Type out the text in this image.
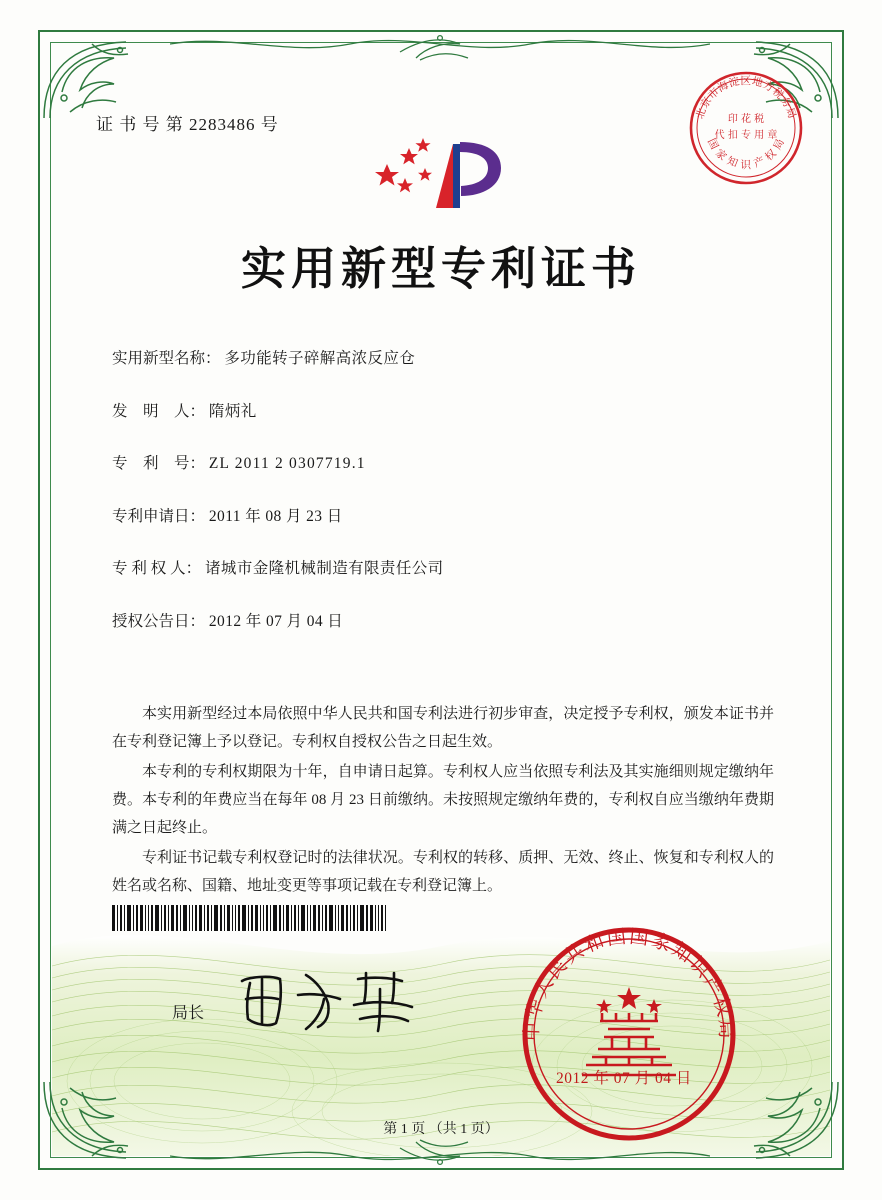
证 书 号 第 2283486 号
北京市海淀区地方税务局
国 家 知 识 产 权 局
印 花 税
代 扣 专 用 章
实用新型专利证书
实用新型名称： 多功能转子碎解高浓反应仓
发　明　人： 隋炳礼
专　利　号： ZL 2011 2 0307719.1
专利申请日： 2011 年 08 月 23 日
专 利 权 人： 诸城市金隆机械制造有限责任公司
授权公告日： 2012 年 07 月 04 日

本实用新型经过本局依照中华人民共和国专利法进行初步审查，决定授予专利权，颁发本证书并在专利登记簿上予以登记。专利权自授权公告之日起生效。

本专利的专利权期限为十年，自申请日起算。专利权人应当依照专利法及其实施细则规定缴纳年费。本专利的年费应当在每年 08 月 23 日前缴纳。未按照规定缴纳年费的，专利权自应当缴纳年费期满之日起终止。

专利证书记载专利权登记时的法律状况。专利权的转移、质押、无效、终止、恢复和专利权人的姓名或名称、国籍、地址变更等事项记载在专利登记簿上。

局长
中华人民共和国国家知识产权局
2012 年 07 月 04 日
第 1 页 （共 1 页）
